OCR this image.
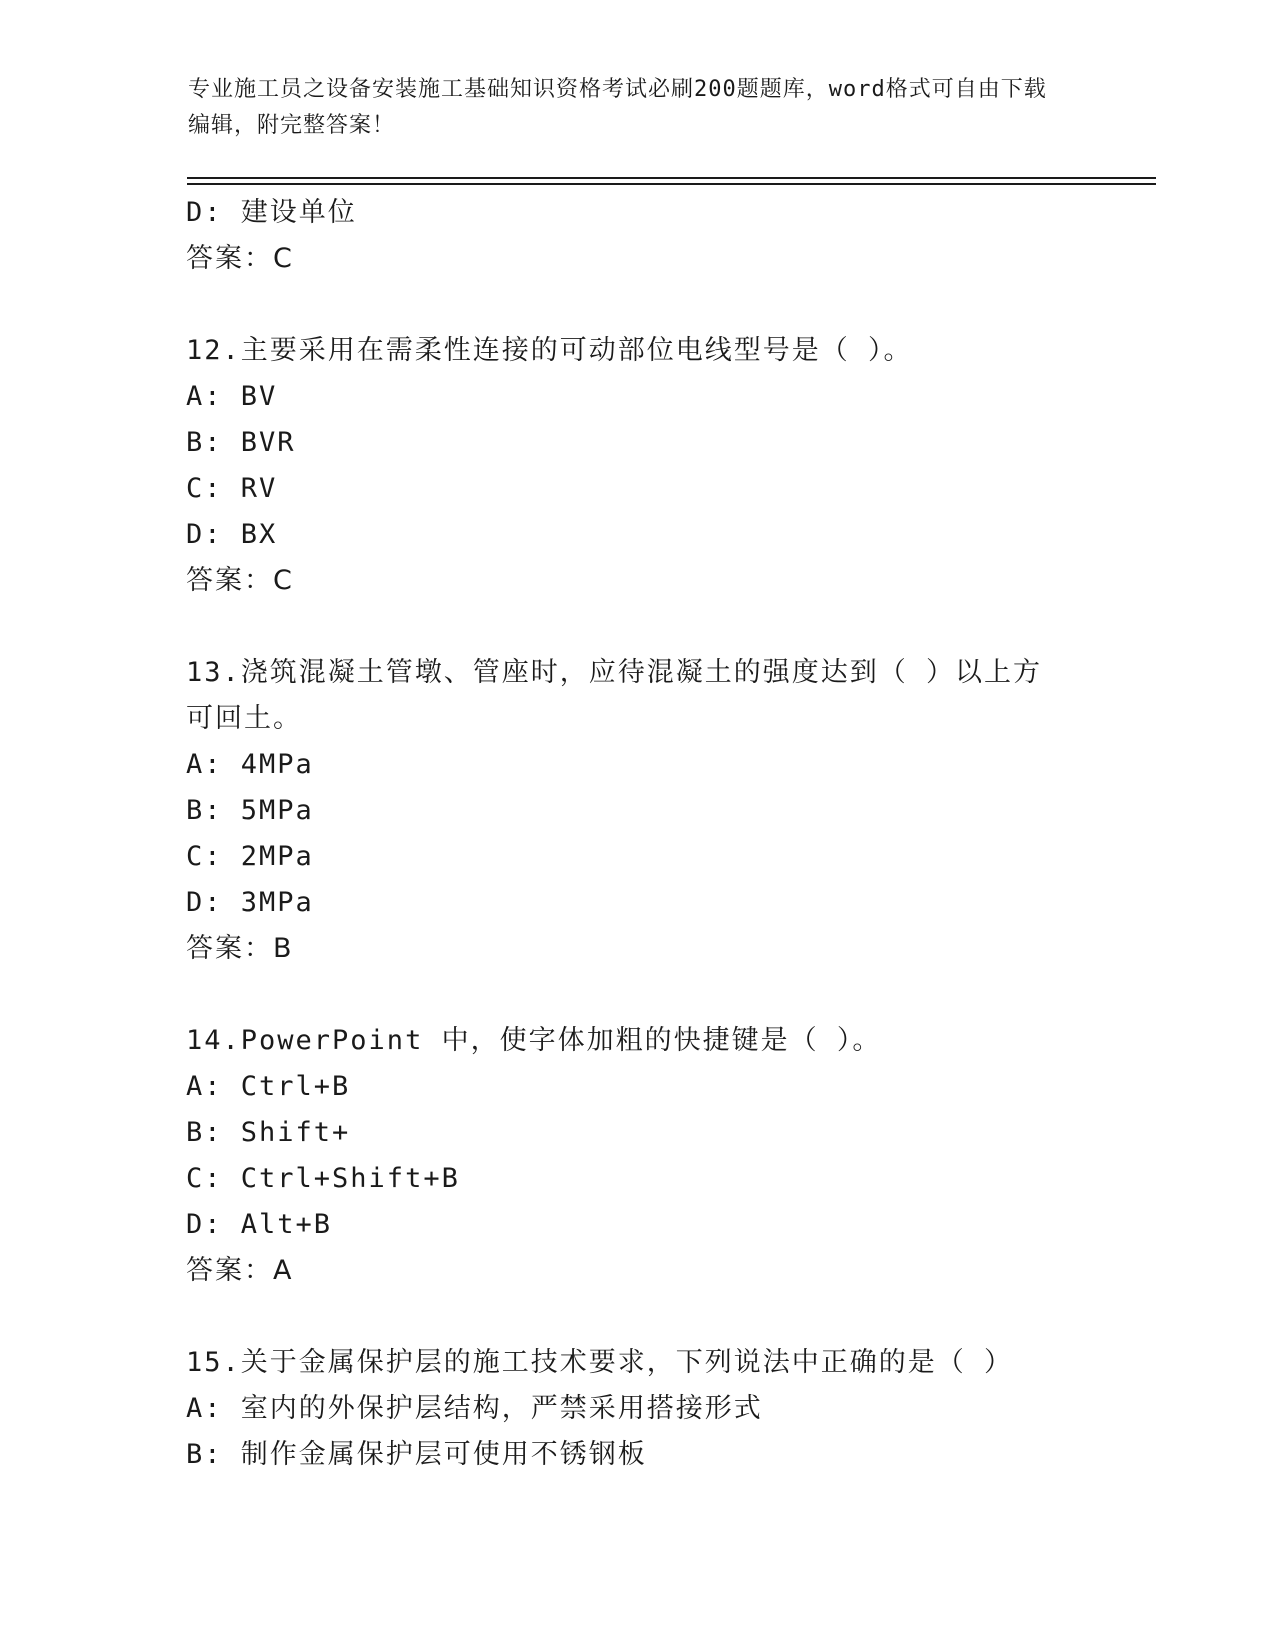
专业施工员之设备安装施工基础知识资格考试必刷200题题库，word格式可自由下载编辑，附完整答案！
D: 建设单位
答案：C
12.主要采用在需柔性连接的可动部位电线型号是（ ）。
A: BV
B: BVR
C: RV
D: BX
答案：C
13.浇筑混凝土管墩、管座时，应待混凝土的强度达到（ ）以上方可回土。
A: 4MPa
B: 5MPa
C: 2MPa
D: 3MPa
答案：B
14.PowerPoint 中，使字体加粗的快捷键是（ ）。
A: Ctrl+B
B: Shift+
C: Ctrl+Shift+B
D: Alt+B
答案：A
15.关于金属保护层的施工技术要求，下列说法中正确的是（ ）
A: 室内的外保护层结构，严禁采用搭接形式
B: 制作金属保护层可使用不锈钢板
